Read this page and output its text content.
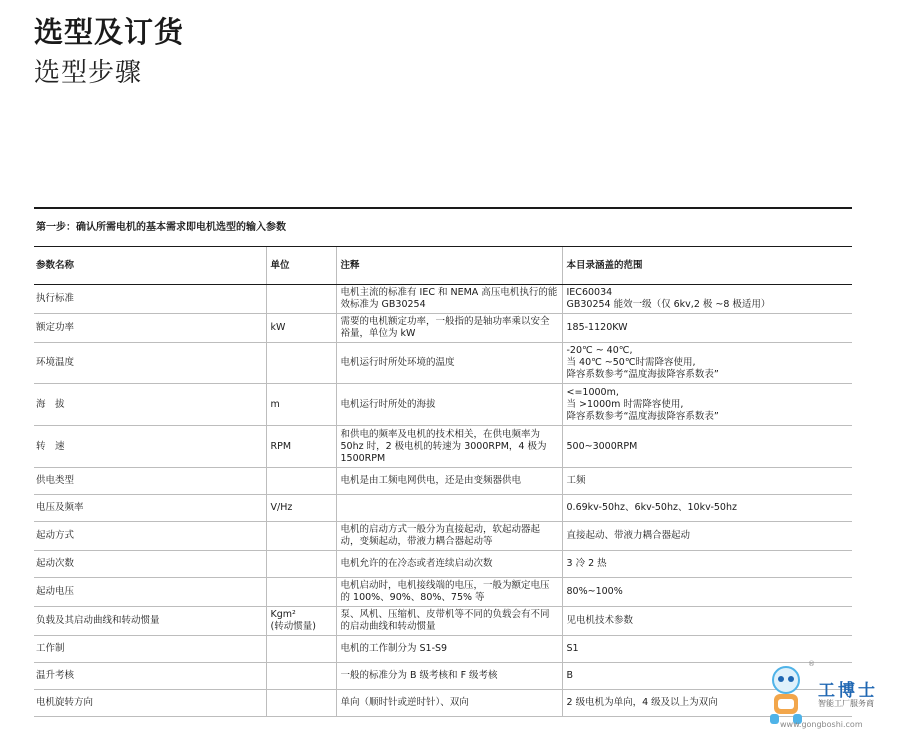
选型及订货
选型步骤
第一步：确认所需电机的基本需求即电机选型的输入参数
参数名称	单位	注释	本目录涵盖的范围
执行标准		电机主流的标准有 IEC 和 NEMA 高压电机执行的能效标准为 GB30254	IEC60034
GB30254 能效一级（仅 6kv,2 极 ~8 极适用）
额定功率	kW	需要的电机额定功率，一般指的是轴功率乘以安全裕量，单位为 kW	185-1120KW
环境温度		电机运行时所处环境的温度	-20℃ ~ 40℃,
当 40℃ ~50℃时需降容使用,
降容系数参考“温度海拔降容系数表”
海　拔	m	电机运行时所处的海拔	<=1000m,
当 >1000m 时需降容使用,
降容系数参考“温度海拔降容系数表”
转　速	RPM	和供电的频率及电机的技术相关，在供电频率为 50hz 时，2 极电机的转速为 3000RPM，4 极为 1500RPM	500~3000RPM
供电类型		电机是由工频电网供电，还是由变频器供电	工频
电压及频率	V/Hz		0.69kv-50hz、6kv-50hz、10kv-50hz
起动方式		电机的启动方式一般分为直接起动，软起动器起动，变频起动，带液力耦合器起动等	直接起动、带液力耦合器起动
起动次数		电机允许的在冷态或者连续启动次数	3 冷 2 热
起动电压		电机启动时，电机接线端的电压，一般为额定电压的 100%、90%、80%、75% 等	80%~100%
负载及其启动曲线和转动惯量	Kgm²
(转动惯量)	泵、风机、压缩机、皮带机等不同的负载会有不同的启动曲线和转动惯量	见电机技术参数
工作制		电机的工作制分为 S1-S9	S1
温升考核		一般的标准分为 B 级考核和 F 级考核	B
电机旋转方向		单向（顺时针或逆时针）、双向	2 级电机为单向，4 级及以上为双向
®
工博士
智能工厂服务商
www.gongboshi.com
